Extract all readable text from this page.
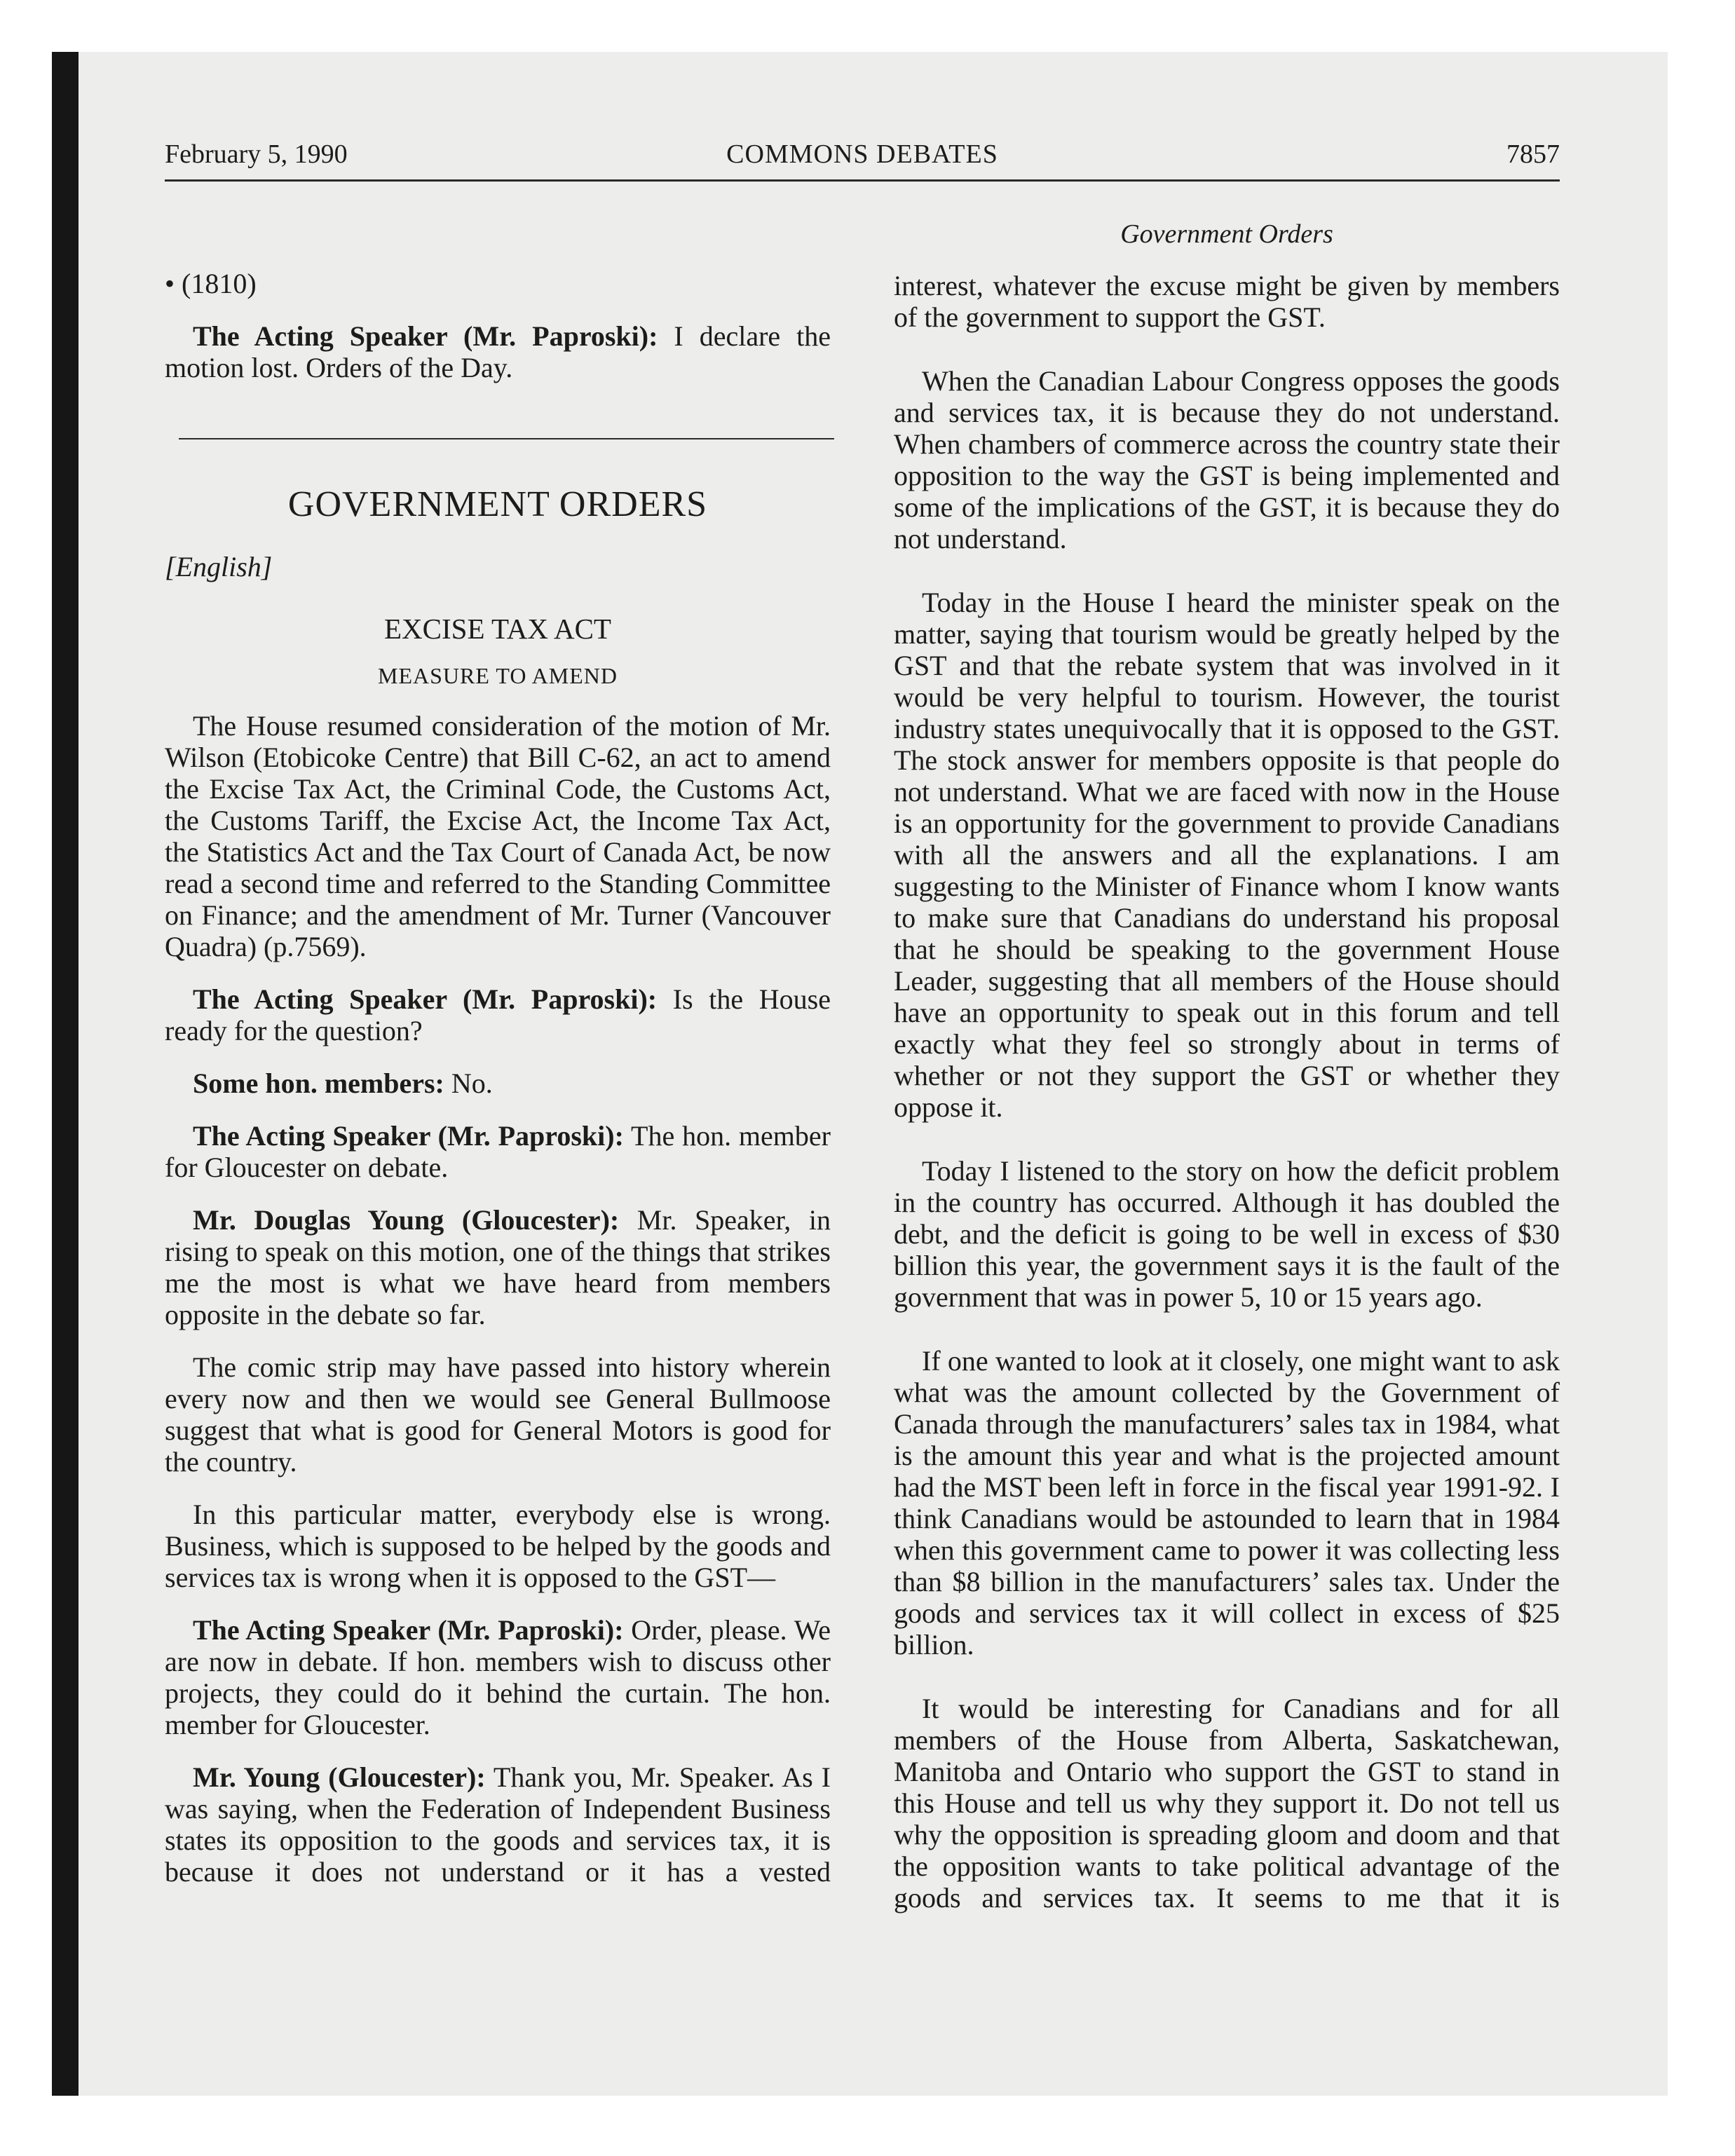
February 5, 1990	COMMONS DEBATES	7857
Government Orders
• (1810)

The Acting Speaker (Mr. Paproski): I declare the motion lost. Orders of the Day.

GOVERNMENT ORDERS
[English]
EXCISE TAX ACT
MEASURE TO AMEND

The House resumed consideration of the motion of Mr. Wilson (Etobicoke Centre) that Bill C-62, an act to amend the Excise Tax Act, the Criminal Code, the Customs Act, the Customs Tariff, the Excise Act, the Income Tax Act, the Statistics Act and the Tax Court of Canada Act, be now read a second time and referred to the Standing Committee on Finance; and the amendment of Mr. Turner (Vancouver Quadra) (p.7569).

The Acting Speaker (Mr. Paproski): Is the House ready for the question?

Some hon. members: No.

The Acting Speaker (Mr. Paproski): The hon. member for Gloucester on debate.

Mr. Douglas Young (Gloucester): Mr. Speaker, in rising to speak on this motion, one of the things that strikes me the most is what we have heard from members opposite in the debate so far.

The comic strip may have passed into history wherein every now and then we would see General Bullmoose suggest that what is good for General Motors is good for the country.

In this particular matter, everybody else is wrong. Business, which is supposed to be helped by the goods and services tax is wrong when it is opposed to the GST—

The Acting Speaker (Mr. Paproski): Order, please. We are now in debate. If hon. members wish to discuss other projects, they could do it behind the curtain. The hon. member for Gloucester.

Mr. Young (Gloucester): Thank you, Mr. Speaker. As I was saying, when the Federation of Independent Business states its opposition to the goods and services tax, it is because it does not understand or it has a vested

interest, whatever the excuse might be given by members of the government to support the GST.

When the Canadian Labour Congress opposes the goods and services tax, it is because they do not understand. When chambers of commerce across the country state their opposition to the way the GST is being implemented and some of the implications of the GST, it is because they do not understand.

Today in the House I heard the minister speak on the matter, saying that tourism would be greatly helped by the GST and that the rebate system that was involved in it would be very helpful to tourism. However, the tourist industry states unequivocally that it is opposed to the GST. The stock answer for members opposite is that people do not understand. What we are faced with now in the House is an opportunity for the government to provide Canadians with all the answers and all the explanations. I am suggesting to the Minister of Finance whom I know wants to make sure that Canadians do understand his proposal that he should be speaking to the government House Leader, suggesting that all members of the House should have an opportunity to speak out in this forum and tell exactly what they feel so strongly about in terms of whether or not they support the GST or whether they oppose it.

Today I listened to the story on how the deficit problem in the country has occurred. Although it has doubled the debt, and the deficit is going to be well in excess of $30 billion this year, the government says it is the fault of the government that was in power 5, 10 or 15 years ago.

If one wanted to look at it closely, one might want to ask what was the amount collected by the Government of Canada through the manufacturers’ sales tax in 1984, what is the amount this year and what is the projected amount had the MST been left in force in the fiscal year 1991-92. I think Canadians would be astounded to learn that in 1984 when this government came to power it was collecting less than $8 billion in the manufacturers’ sales tax. Under the goods and services tax it will collect in excess of $25 billion.

It would be interesting for Canadians and for all members of the House from Alberta, Saskatchewan, Manitoba and Ontario who support the GST to stand in this House and tell us why they support it. Do not tell us why the opposition is spreading gloom and doom and that the opposition wants to take political advantage of the goods and services tax. It seems to me that it is
